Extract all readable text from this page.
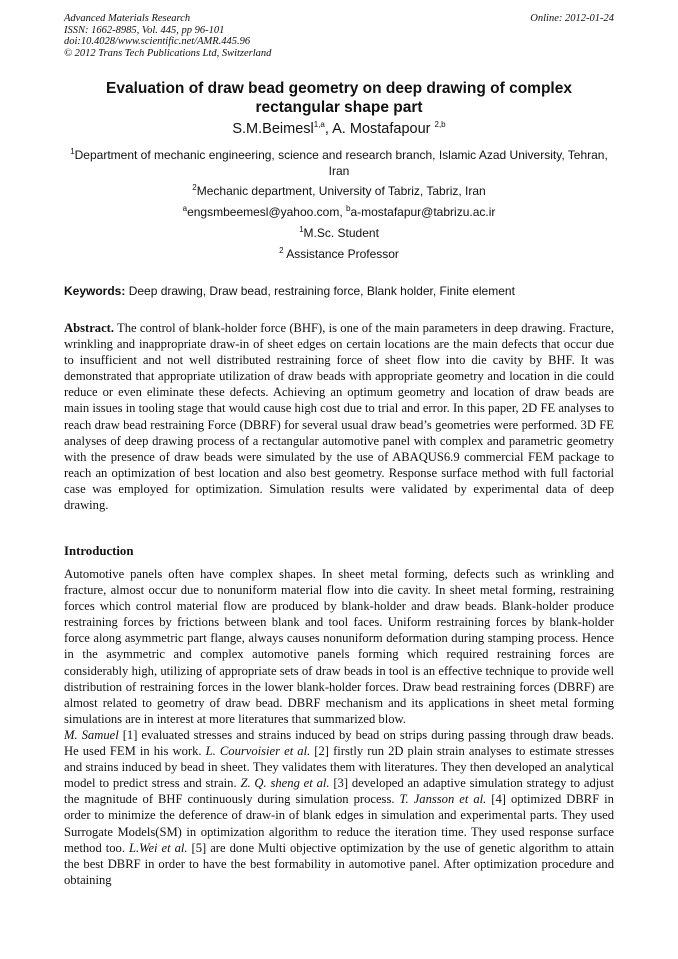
Advanced Materials Research
ISSN: 1662-8985, Vol. 445, pp 96-101
doi:10.4028/www.scientific.net/AMR.445.96
© 2012 Trans Tech Publications Ltd, Switzerland
Online: 2012-01-24
Evaluation of draw bead geometry on deep drawing of complex rectangular shape part
S.M.Beimesl$^{1,a}$, A. Mostafapour $^{2,b}$
$^1$Department of mechanic engineering, science and research branch, Islamic Azad University, Tehran, Iran
$^2$Mechanic department, University of Tabriz, Tabriz, Iran
$^a$engsmbeemesl@yahoo.com, $^b$a-mostafapur@tabrizu.ac.ir
$^1$M.Sc. Student
$^2$ Assistance Professor
Keywords: Deep drawing, Draw bead, restraining force, Blank holder, Finite element
Abstract. The control of blank-holder force (BHF), is one of the main parameters in deep drawing. Fracture, wrinkling and inappropriate draw-in of sheet edges on certain locations are the main defects that occur due to insufficient and not well distributed restraining force of sheet flow into die cavity by BHF. It was demonstrated that appropriate utilization of draw beads with appropriate geometry and location in die could reduce or even eliminate these defects. Achieving an optimum geometry and location of draw beads are main issues in tooling stage that would cause high cost due to trial and error. In this paper, 2D FE analyses to reach draw bead restraining Force (DBRF) for several usual draw bead’s geometries were performed. 3D FE analyses of deep drawing process of a rectangular automotive panel with complex and parametric geometry with the presence of draw beads were simulated by the use of ABAQUS6.9 commercial FEM package to reach an optimization of best location and also best geometry. Response surface method with full factorial case was employed for optimization. Simulation results were validated by experimental data of deep drawing.
Introduction

Automotive panels often have complex shapes. In sheet metal forming, defects such as wrinkling and fracture, almost occur due to nonuniform material flow into die cavity. In sheet metal forming, restraining forces which control material flow are produced by blank-holder and draw beads. Blank-holder produce restraining forces by frictions between blank and tool faces. Uniform restraining forces by blank-holder force along asymmetric part flange, always causes nonuniform deformation during stamping process. Hence in the asymmetric and complex automotive panels forming which required restraining forces are considerably high, utilizing of appropriate sets of draw beads in tool is an effective technique to provide well distribution of restraining forces in the lower blank-holder forces. Draw bead restraining forces (DBRF) are almost related to geometry of draw bead. DBRF mechanism and its applications in sheet metal forming simulations are in interest at more literatures that summarized blow.

M. Samuel [1] evaluated stresses and strains induced by bead on strips during passing through draw beads. He used FEM in his work. L. Courvoisier et al. [2] firstly run 2D plain strain analyses to estimate stresses and strains induced by bead in sheet. They validates them with literatures. They then developed an analytical model to predict stress and strain. Z. Q. sheng et al. [3] developed an adaptive simulation strategy to adjust the magnitude of BHF continuously during simulation process. T. Jansson et al. [4] optimized DBRF in order to minimize the deference of draw-in of blank edges in simulation and experimental parts. They used Surrogate Models(SM) in optimization algorithm to reduce the iteration time. They used response surface method too. L.Wei et al. [5] are done Multi objective optimization by the use of genetic algorithm to attain the best DBRF in order to have the best formability in automotive panel. After optimization procedure and obtaining
